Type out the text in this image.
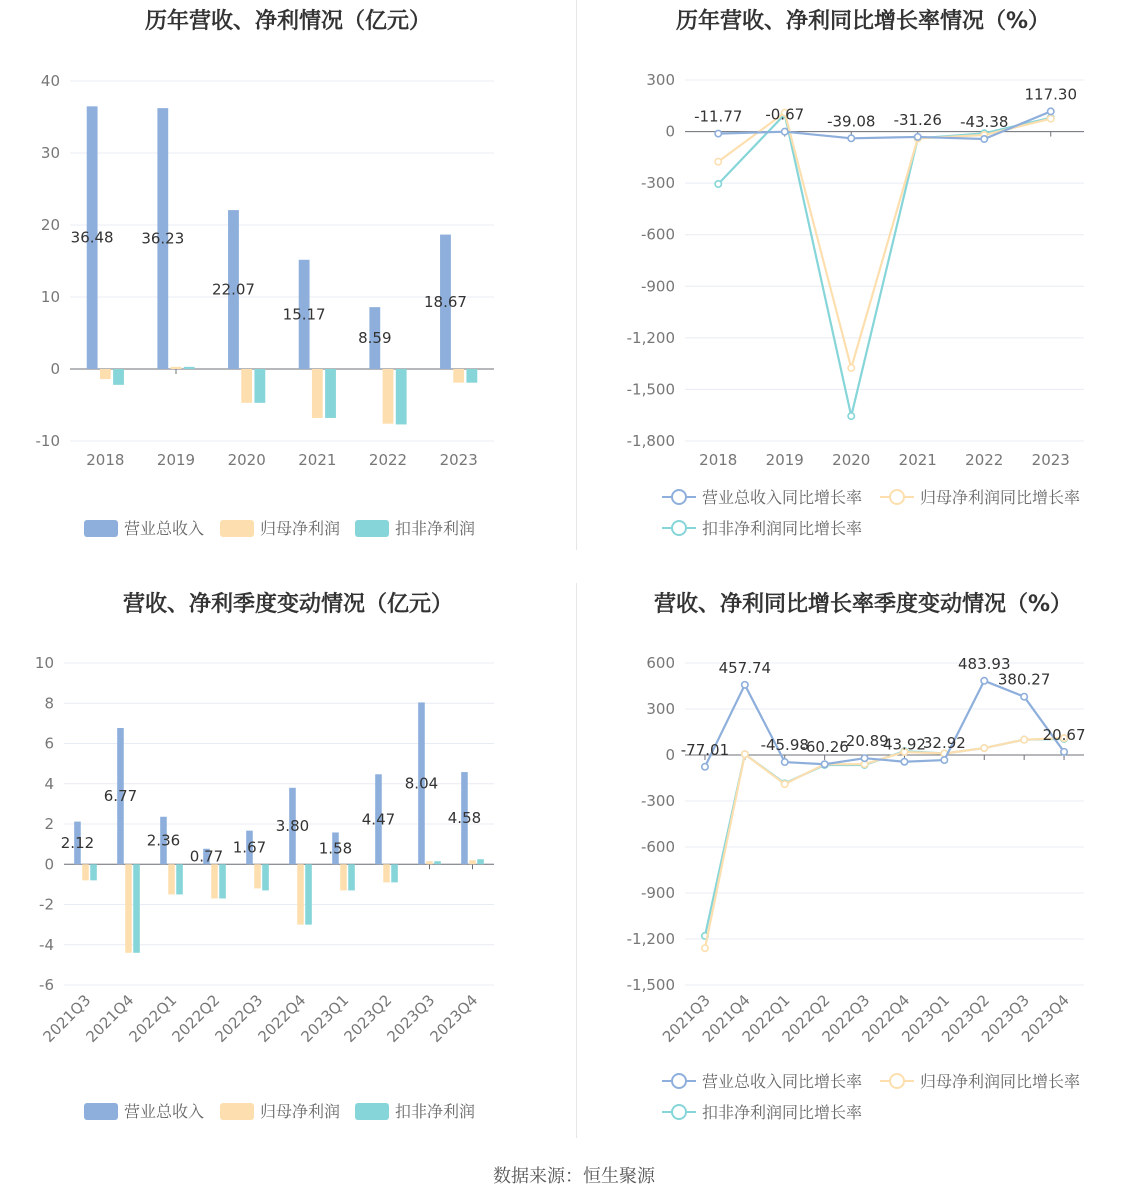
历年营收、净利情况（亿元）
40
30
20
10
0
-10
2018 2019 2020 2021 2022 2023
36.48 36.23
22.07
15.17
8.59
18.67
营业总收入	归母净利润	扣非净利润
历年营收、净利同比增长率情况（%）
300
0
-300
-600
-900
-1,200
-1,500
-1,800
2018 2019 2020 2021 2022 2023
-11.77 -0.67 -39.08 -31.26 -43.38
117.30
营业总收入同比增长率	归母净利润同比增长率
扣非净利润同比增长率
营收、净利季度变动情况（亿元）
10
8
6
4
2
0
-2
-4
-6
2021Q3
2021Q4
2022Q1
2022Q2
2022Q3
2022Q4
2023Q1
2023Q2
2023Q3
2023Q4
2.12
6.77
2.36
0.77
1.67
3.80
1.58
4.47
8.04
4.58
营业总收入	归母净利润	扣非净利润
营收、净利同比增长率季度变动情况（%）
600
300
0
-300
-600
-900
-1,200
-1,500
2021Q3
2021Q4
2022Q1
2022Q2
2022Q3
2022Q4
2023Q1
2023Q2
2023Q3
2023Q4
-77.01
457.74
-45.98
-60.26
-20.89
43.92
32.92
483.93
380.27
20.67
营业总收入同比增长率	归母净利润同比增长率
扣非净利润同比增长率
数据来源：恒生聚源
